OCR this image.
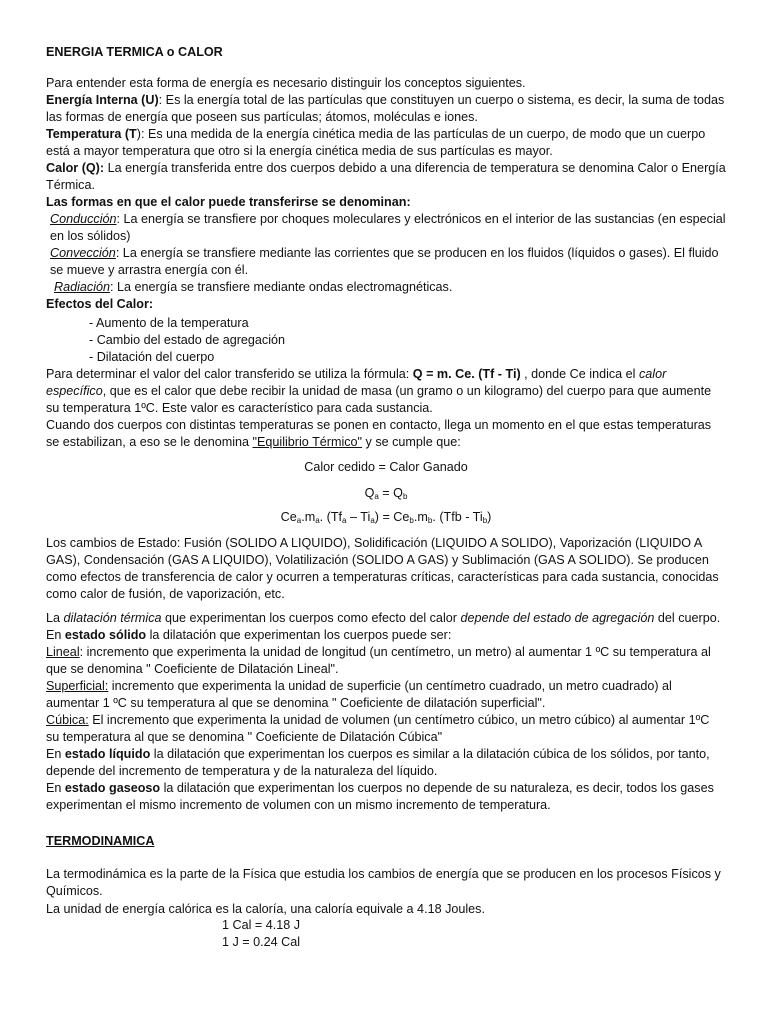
ENERGIA TERMICA o CALOR

Para entender esta forma de energía es necesario distinguir los conceptos siguientes.

Energía Interna (U): Es la energía total de las partículas que constituyen un cuerpo o sistema, es decir, la suma de todas las formas de energía que poseen sus partículas; átomos, moléculas e iones.

Temperatura (T): Es una medida de la energía cinética media de las partículas de un cuerpo, de modo que un cuerpo está a mayor temperatura que otro si la energía cinética media de sus partículas es mayor.

Calor (Q): La energía transferida entre dos cuerpos debido a una diferencia de temperatura se denomina Calor o Energía Térmica.

Las formas en que el calor puede transferirse se denominan:

Conducción: La energía se transfiere por choques moleculares y electrónicos en el interior de las sustancias (en especial en los sólidos)

Convección: La energía se transfiere mediante las corrientes que se producen en los fluidos (líquidos o gases). El fluido se mueve y arrastra energía con él.

Radiación: La energía se transfiere mediante ondas electromagnéticas.

Efectos del Calor:

- Aumento de la temperatura

- Cambio del estado de agregación

- Dilatación del cuerpo

Para determinar el valor del calor transferido se utiliza la fórmula: Q = m. Ce. (Tf - Ti) , donde Ce indica el calor específico, que es el calor que debe recibir la unidad de masa (un gramo o un kilogramo) del cuerpo para que aumente su temperatura 1ºC. Este valor es característico para cada sustancia.

Cuando dos cuerpos con distintas temperaturas se ponen en contacto, llega un momento en el que estas temperaturas se estabilizan, a eso se le denomina "Equilibrio Térmico" y se cumple que:

Calor cedido = Calor Ganado

$Q_a = Q_b$

$Ce_a.m_a$. $(Tf_a - Ti_a) = Ce_b.m_b$. $(Tfb - Ti_b)$

Los cambios de Estado: Fusión (SOLIDO A LIQUIDO), Solidificación (LIQUIDO A SOLIDO), Vaporización (LIQUIDO A GAS), Condensación (GAS A LIQUIDO), Volatilización (SOLIDO A GAS) y Sublimación (GAS A SOLIDO). Se producen como efectos de transferencia de calor y ocurren a temperaturas críticas, características para cada sustancia, conocidas como calor de fusión, de vaporización, etc.

La dilatación térmica que experimentan los cuerpos como efecto del calor depende del estado de agregación del cuerpo.

En estado sólido la dilatación que experimentan los cuerpos puede ser:

Lineal: incremento que experimenta la unidad de longitud (un centímetro, un metro) al aumentar 1 ºC su temperatura al que se denomina " Coeficiente de Dilatación Lineal".

Superficial: incremento que experimenta la unidad de superficie (un centímetro cuadrado, un metro cuadrado) al aumentar 1 ºC su temperatura al que se denomina " Coeficiente de dilatación superficial".

Cúbica: El incremento que experimenta la unidad de volumen (un centímetro cúbico, un metro cúbico) al aumentar 1ºC su temperatura al que se denomina " Coeficiente de Dilatación Cúbica"

En estado líquido la dilatación que experimentan los cuerpos es similar a la dilatación cúbica de los sólidos, por tanto, depende del incremento de temperatura y de la naturaleza del líquido.

En estado gaseoso la dilatación que experimentan los cuerpos no depende de su naturaleza, es decir, todos los gases experimentan el mismo incremento de volumen con un mismo incremento de temperatura.

TERMODINAMICA

La termodinámica es la parte de la Física que estudia los cambios de energía que se producen en los procesos Físicos y Químicos.

La unidad de energía calórica es la caloría, una caloría equivale a 4.18 Joules.

1 Cal = 4.18 J

1 J = 0.24 Cal
